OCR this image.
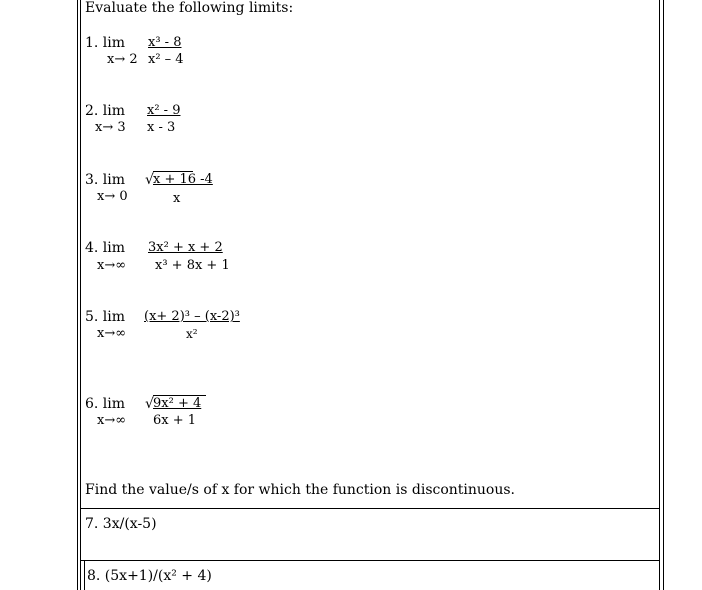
Evaluate the following limits:
1. lim x³ - 8
x→ 2 x² – 4
2. lim x² - 9
x→ 3 x - 3
3. lim √ x + 16 -4
x→ 0	x
4. lim 3x² + x + 2
x→∞ x³ + 8x + 1
5. lim (x+ 2)³ – (x-2)³
x→∞	x²
6. lim √ 9x² + 4
x→∞ 6x + 1
Find the value/s of x for which the function is discontinuous.
7. 3x/(x-5)
8. (5x+1)/(x² + 4)
